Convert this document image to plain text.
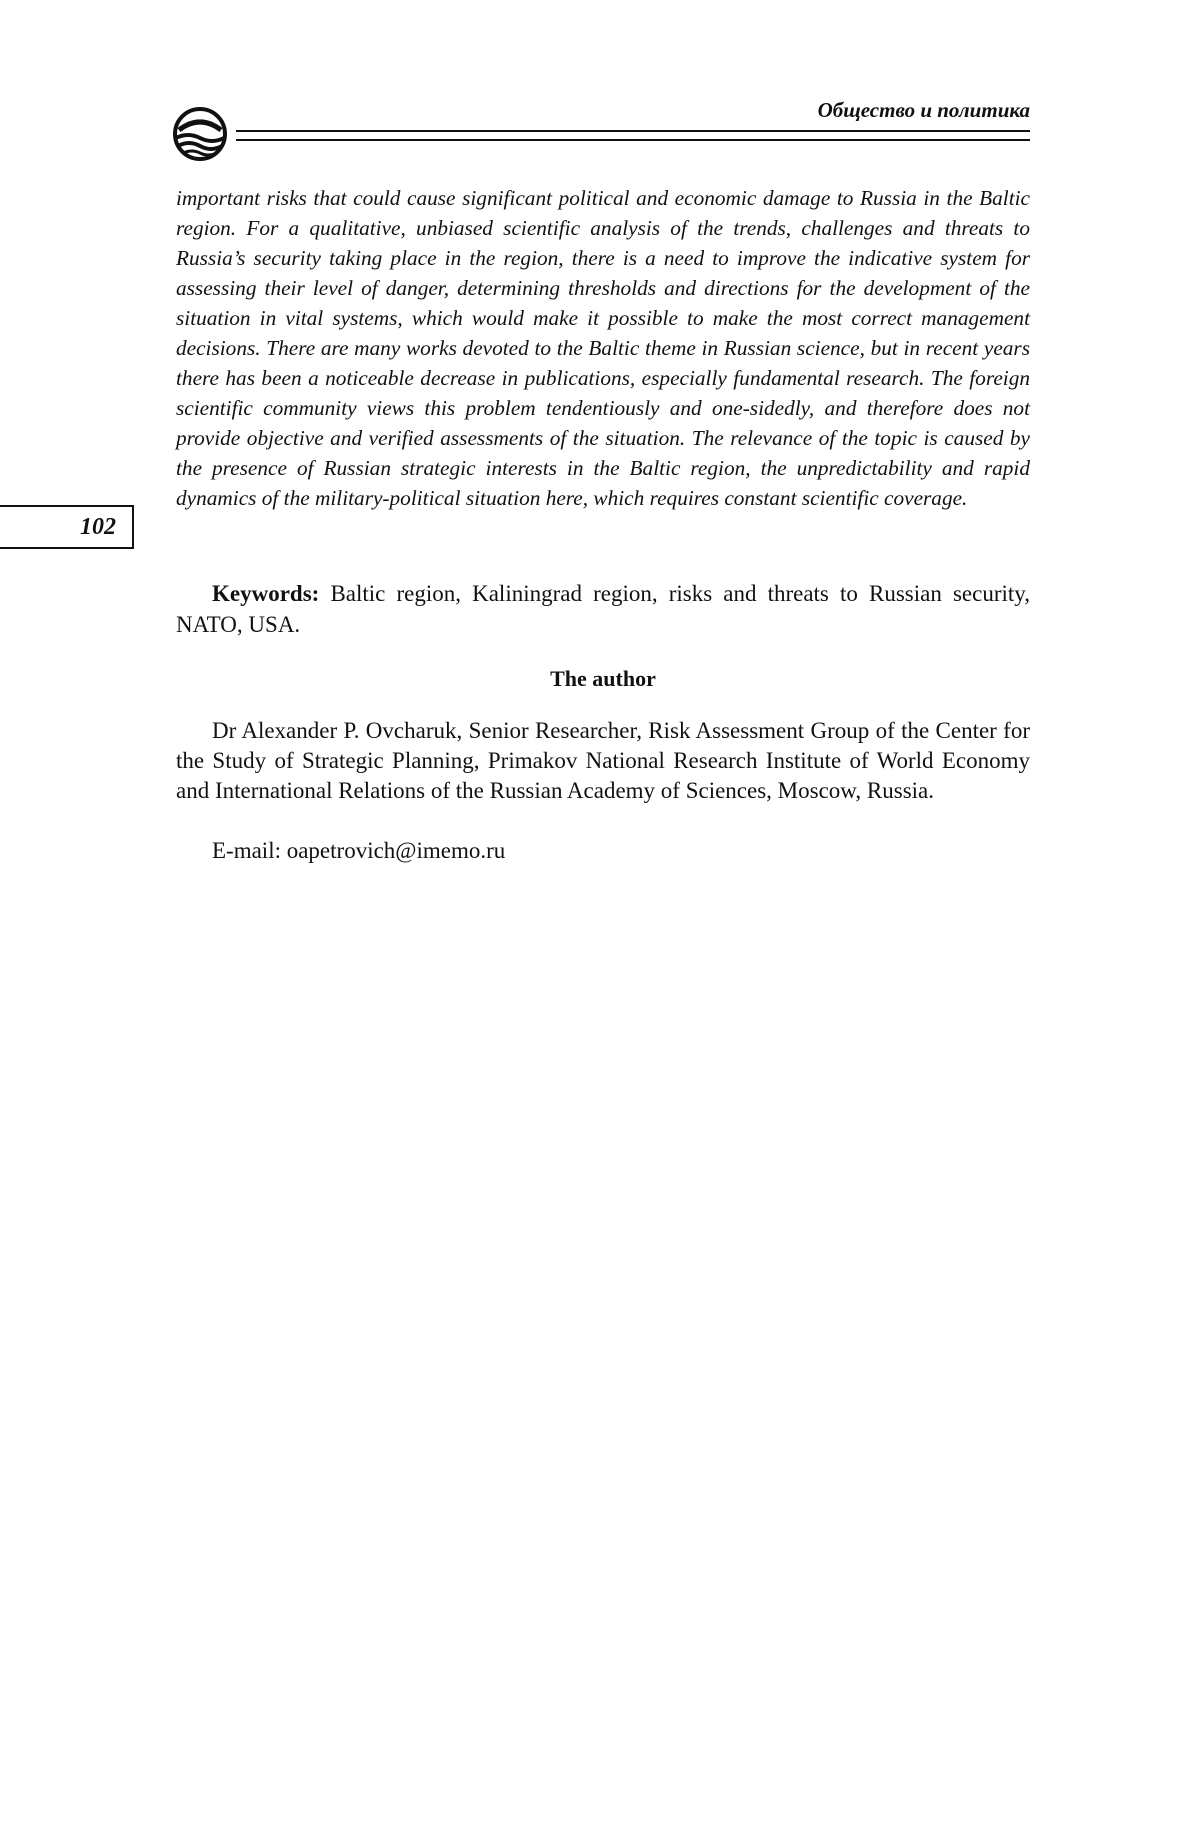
Общество и политика
102

important risks that could cause significant political and economic damage to Russia in the Baltic region. For a qualitative, unbiased scientific analysis of the trends, challenges and threats to Russia’s security taking place in the region, there is a need to improve the indicative system for assessing their level of danger, determining thresholds and directions for the development of the situation in vital systems, which would make it possible to make the most correct management decisions. There are many works devoted to the Baltic theme in Russian science, but in recent years there has been a noticeable decrease in publications, especially fundamental research. The foreign scientific community views this problem tendentiously and one-sidedly, and therefore does not provide objective and verified assessments of the situation. The relevance of the topic is caused by the presence of Russian strategic interests in the Baltic region, the unpredictability and rapid dynamics of the military-political situation here, which requires constant scientific coverage.

Keywords: Baltic region, Kaliningrad region, risks and threats to Russian security, NATO, USA.

The author

Dr Alexander P. Ovcharuk, Senior Researcher, Risk Assessment Group of the Center for the Study of Strategic Planning, Primakov National Research Institute of World Economy and International Relations of the Russian Academy of Sciences, Moscow, Russia.

E-mail: oapetrovich@imemo.ru
